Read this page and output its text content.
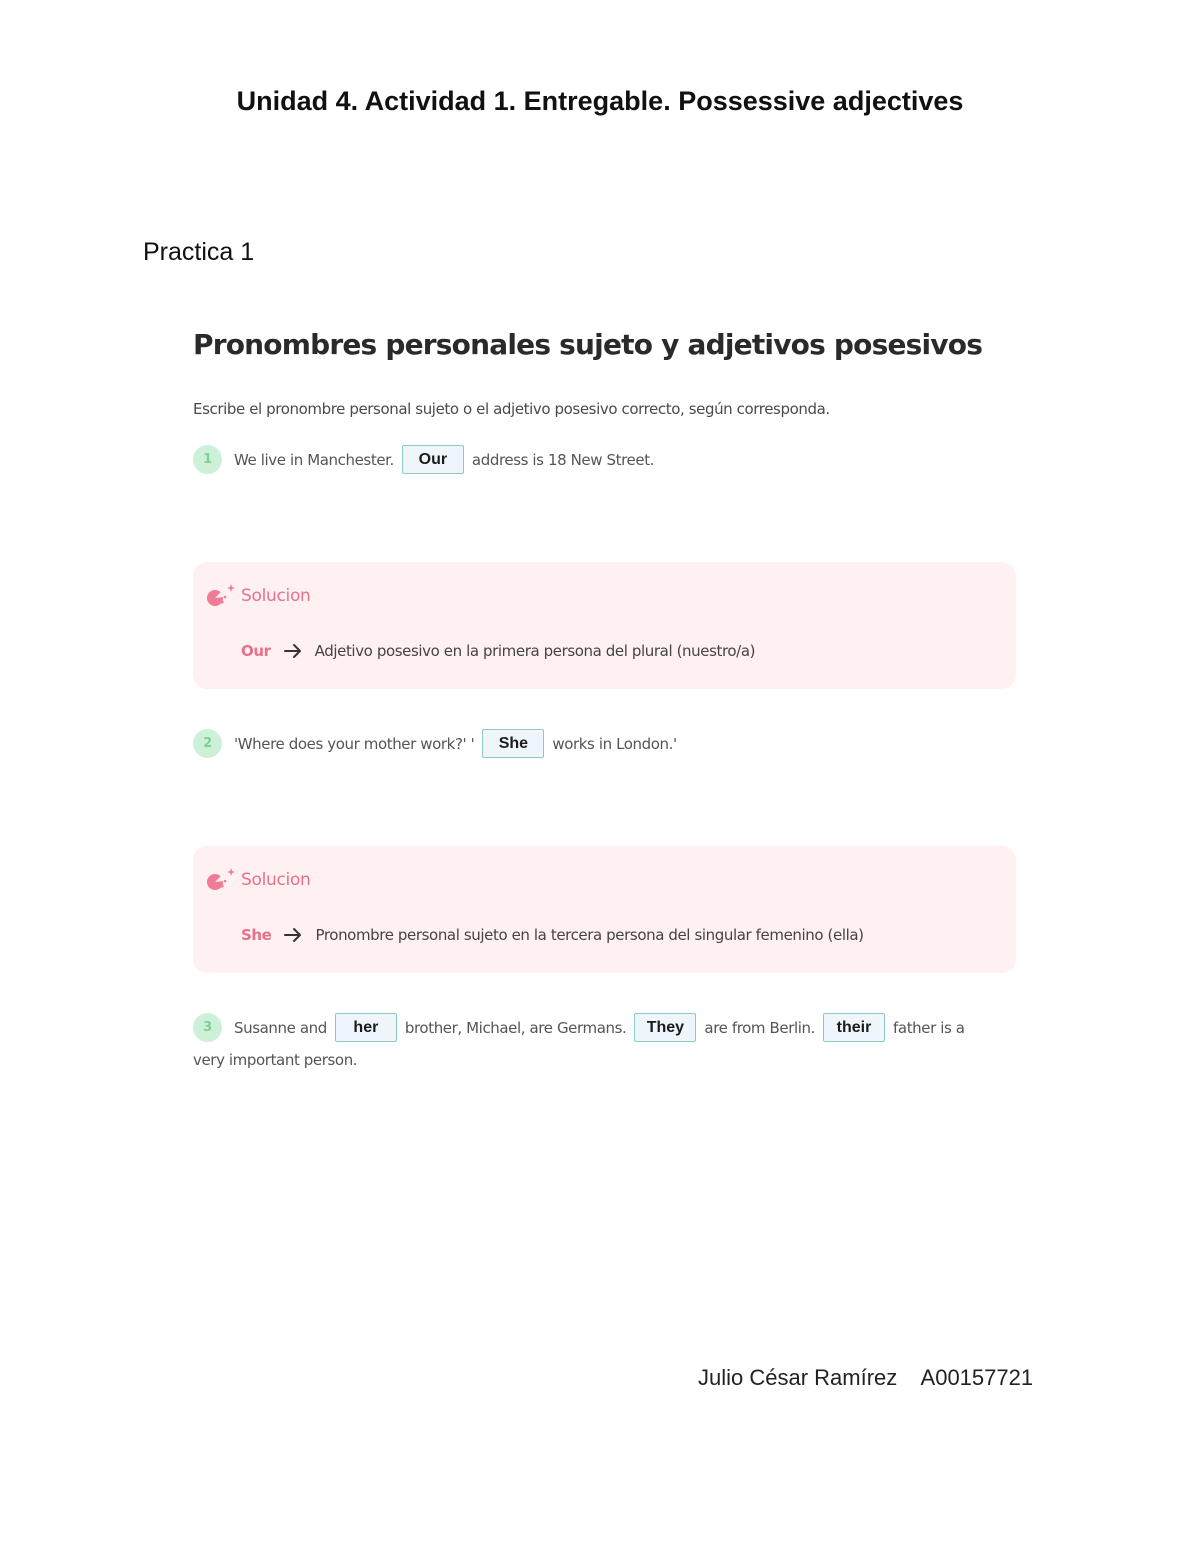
Unidad 4. Actividad 1. Entregable. Possessive adjectives
Practica 1
Pronombres personales sujeto y adjetivos posesivos
Escribe el pronombre personal sujeto o el adjetivo posesivo correcto, según corresponda.
1	We live in Manchester.	Our	address is 18 New Street.
Solucion
Our	Adjetivo posesivo en la primera persona del plural (nuestro/a)
2	'Where does your mother work?' '	She	works in London.'
Solucion
She	Pronombre personal sujeto en la tercera persona del singular femenino (ella)
3	Susanne and	her	brother, Michael, are Germans.	They	are from Berlin.	their	father is a
very important person.
Julio César Ramírez A00157721
